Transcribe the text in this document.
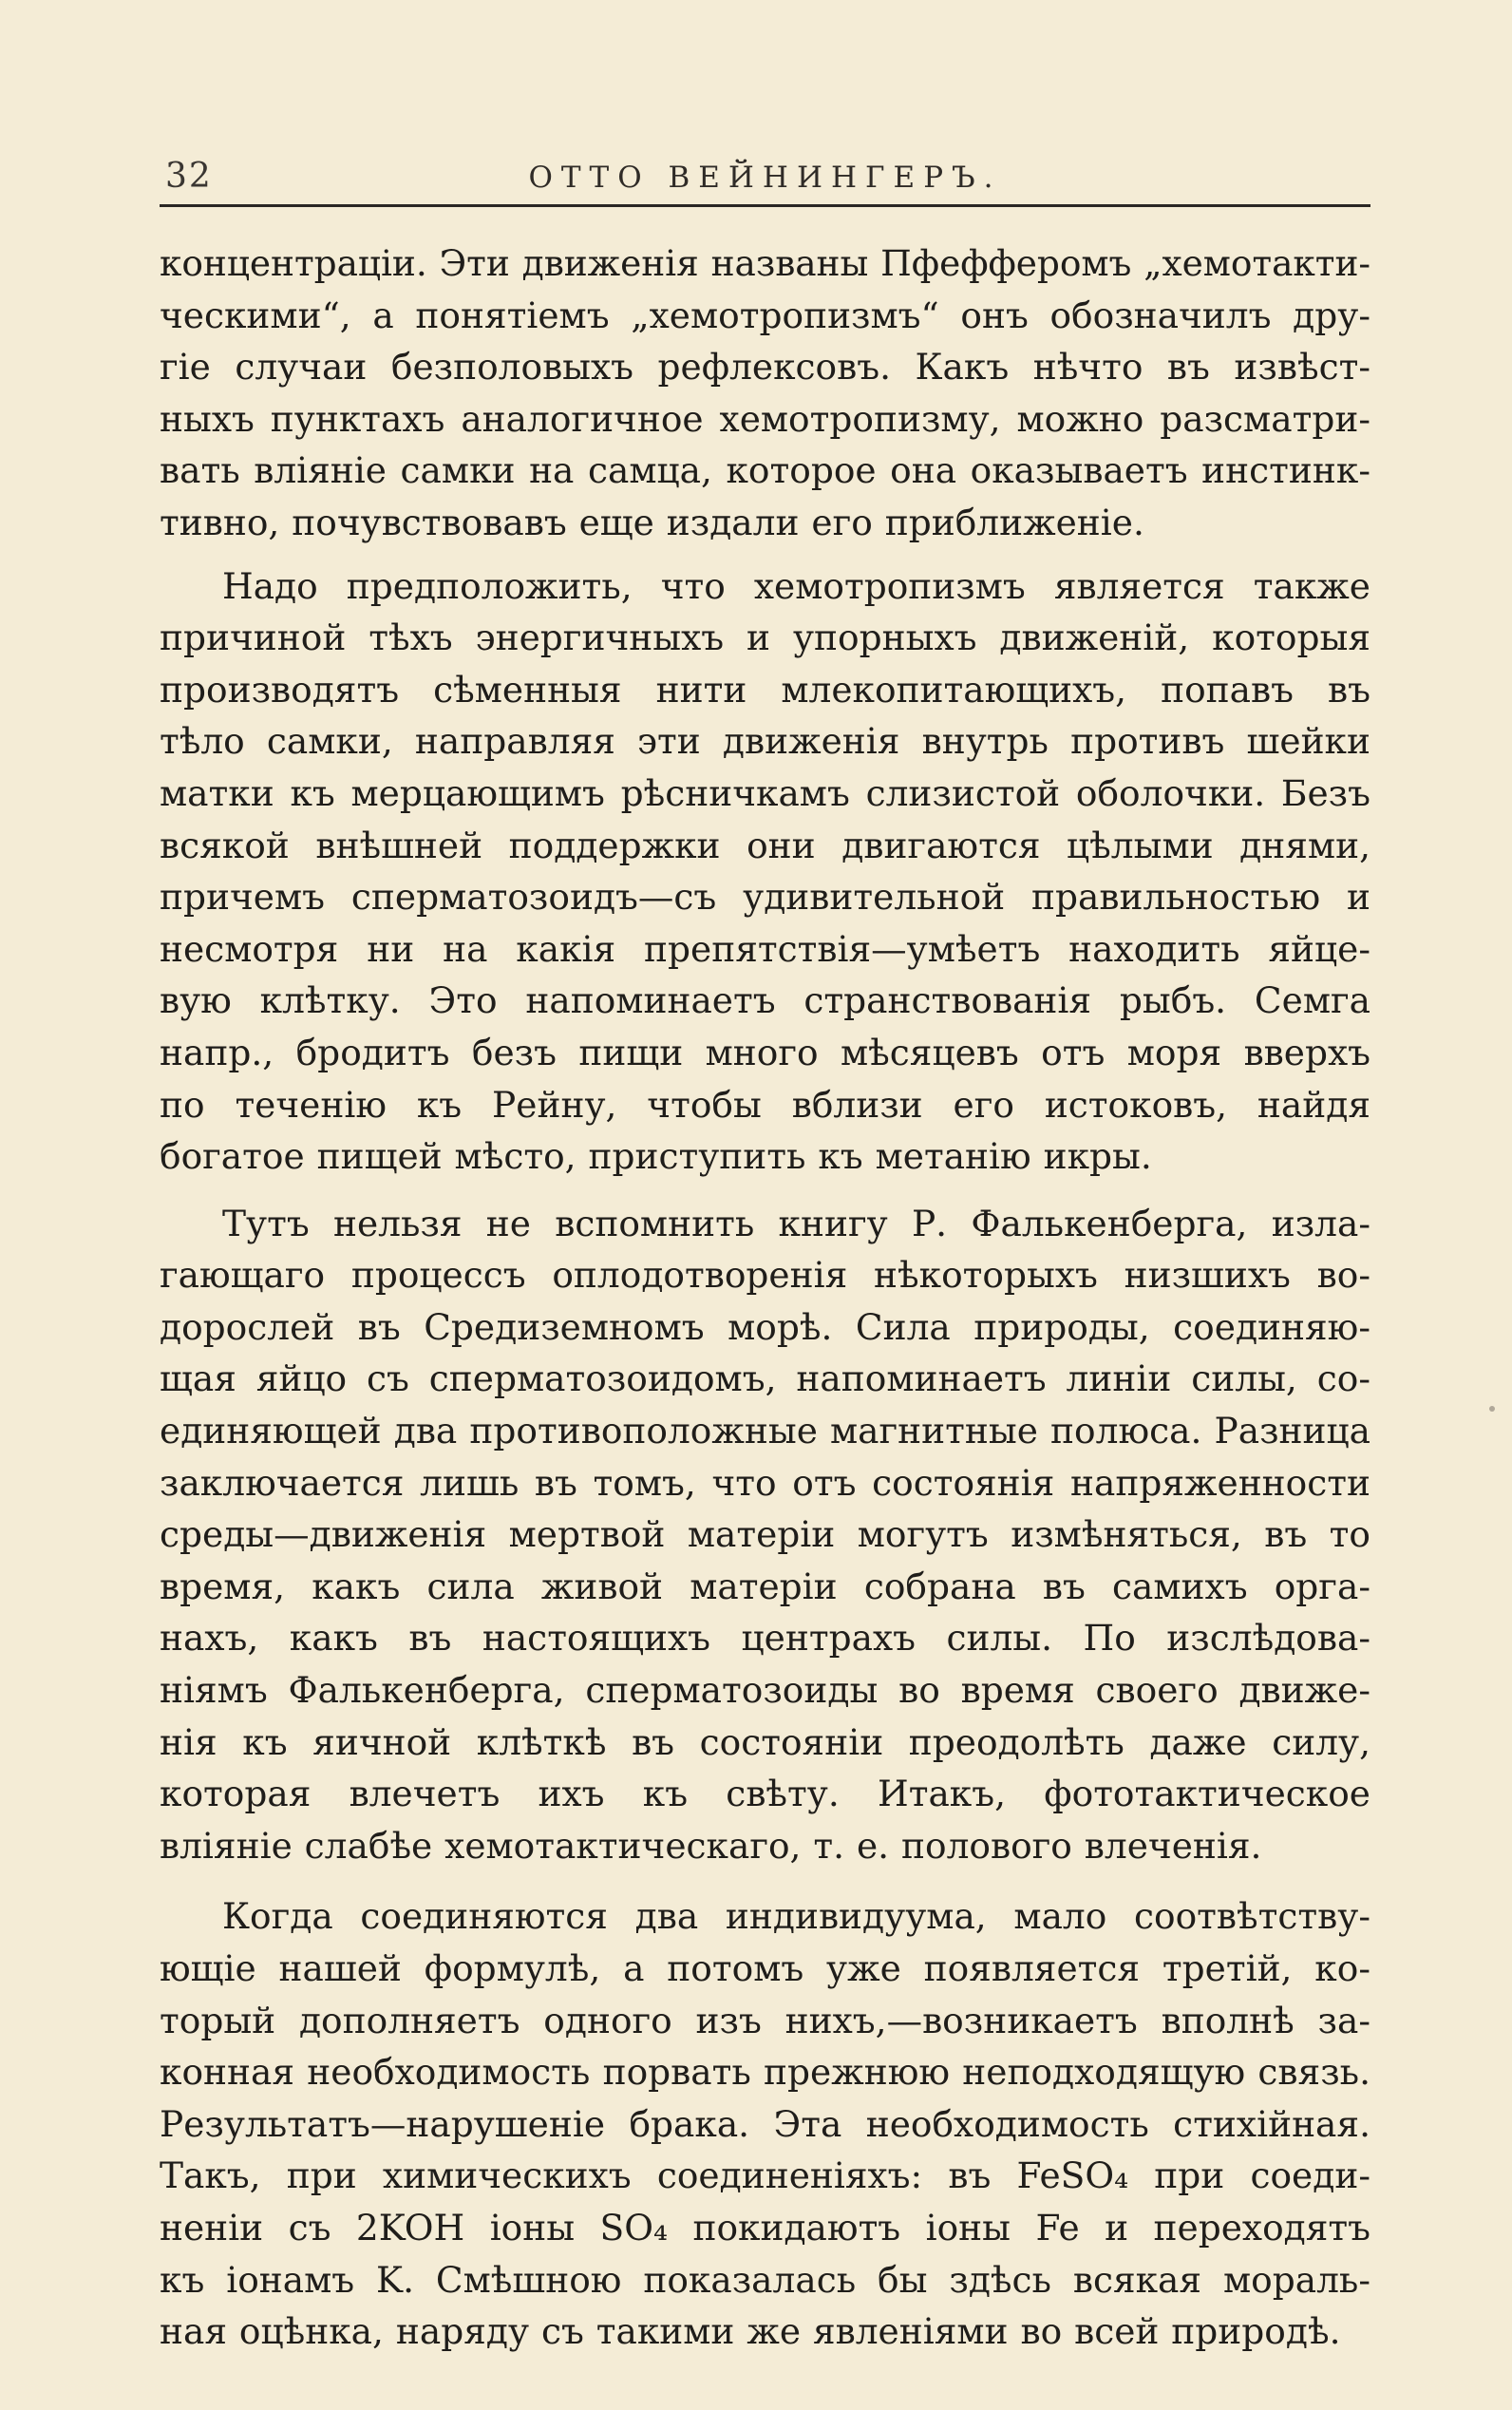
32	ОТТО ВЕЙНИНГЕРЪ.
концентраціи. Эти движенія названы Пфефферомъ „хемотакти-
ческими“, а понятіемъ „хемотропизмъ“ онъ обозначилъ дру-
гіе случаи безполовыхъ рефлексовъ. Какъ нѣчто въ извѣст-
ныхъ пунктахъ аналогичное хемотропизму, можно разсматри-
вать вліяніе самки на самца, которое она оказываетъ инстинк-
тивно, почувствовавъ еще издали его приближеніе.
Надо предположить, что хемотропизмъ является также
причиной тѣхъ энергичныхъ и упорныхъ движеній, которыя
производятъ сѣменныя нити млекопитающихъ, попавъ въ
тѣло самки, направляя эти движенія внутрь противъ шейки
матки къ мерцающимъ рѣсничкамъ слизистой оболочки. Безъ
всякой внѣшней поддержки они двигаются цѣлыми днями,
причемъ сперматозоидъ—съ удивительной правильностью и
несмотря ни на какія препятствія—умѣетъ находить яйце-
вую клѣтку. Это напоминаетъ странствованія рыбъ. Семга
напр., бродитъ безъ пищи много мѣсяцевъ отъ моря вверхъ
по теченію къ Рейну, чтобы вблизи его истоковъ, найдя
богатое пищей мѣсто, приступить къ метанію икры.
Тутъ нельзя не вспомнить книгу Р. Фалькенберга, изла-
гающаго процессъ оплодотворенія нѣкоторыхъ низшихъ во-
дорослей въ Средиземномъ морѣ. Сила природы, соединяю-
щая яйцо съ сперматозоидомъ, напоминаетъ линіи силы, со-
единяющей два противоположные магнитные полюса. Разница
заключается лишь въ томъ, что отъ состоянія напряженности
среды—движенія мертвой матеріи могутъ измѣняться, въ то
время, какъ сила живой матеріи собрана въ самихъ орга-
нахъ, какъ въ настоящихъ центрахъ силы. По изслѣдова-
ніямъ Фалькенберга, сперматозоиды во время своего движе-
нія къ яичной клѣткѣ въ состояніи преодолѣть даже силу,
которая влечетъ ихъ къ свѣту. Итакъ, фототактическое
вліяніе слабѣе хемотактическаго, т. е. полового влеченія.
Когда соединяются два индивидуума, мало соотвѣтству-
ющіе нашей формулѣ, а потомъ уже появляется третій, ко-
торый дополняетъ одного изъ нихъ,—возникаетъ вполнѣ за-
конная необходимость порвать прежнюю неподходящую связь.
Результатъ—нарушеніе брака. Эта необходимость стихійная.
Такъ, при химическихъ соединеніяхъ: въ FeSO₄ при соеди-
неніи съ 2KOH іоны SO₄ покидаютъ іоны Fe и переходятъ
къ іонамъ K. Смѣшною показалась бы здѣсь всякая мораль-
ная оцѣнка, наряду съ такими же явленіями во всей природѣ.
